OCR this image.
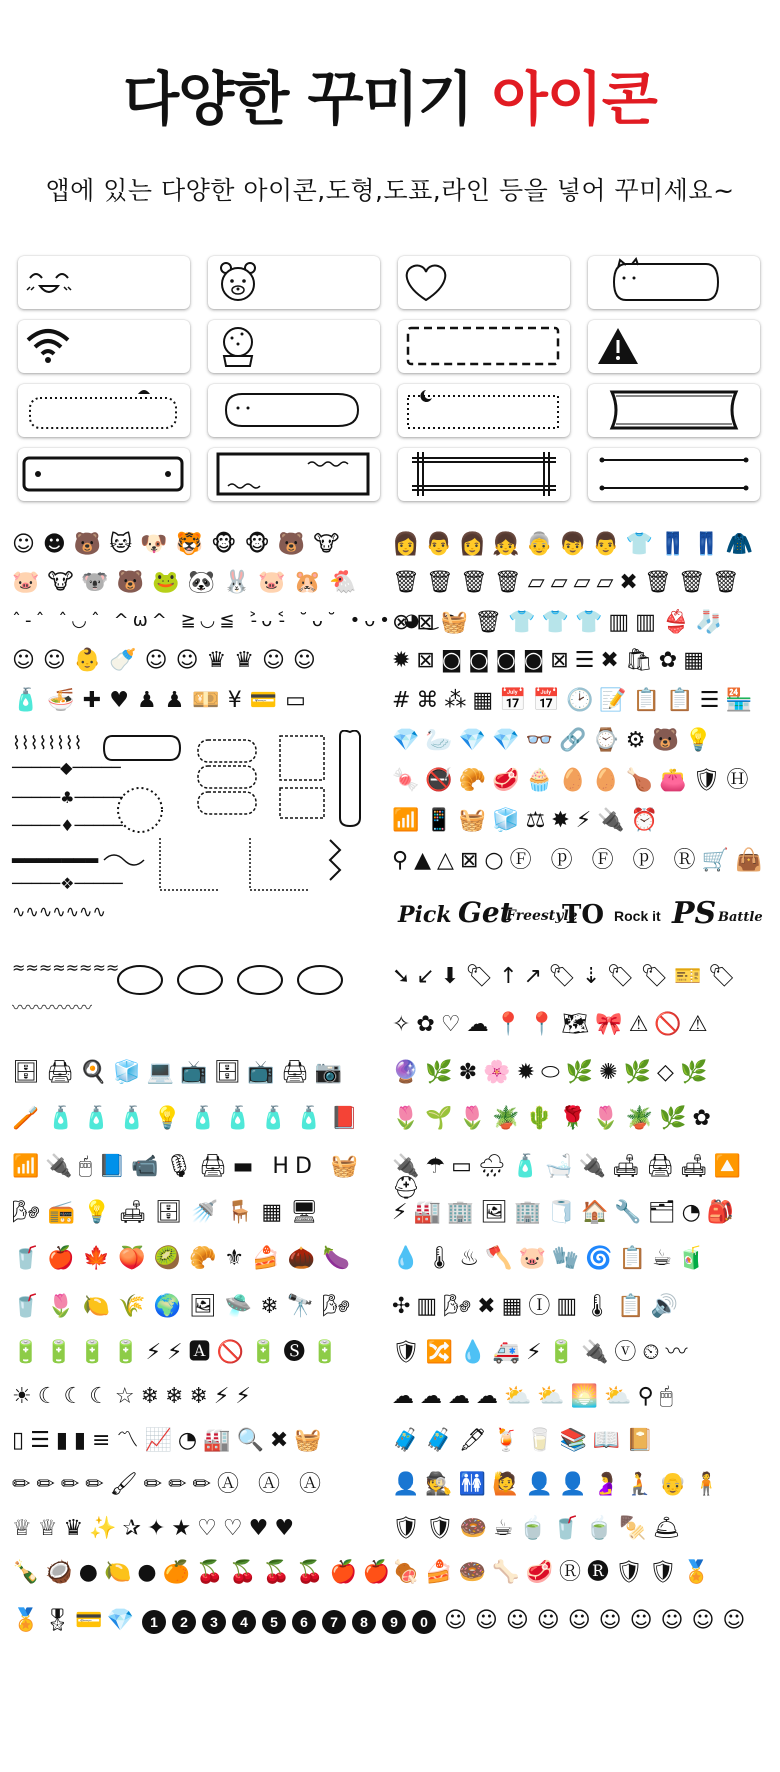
다양한 꾸미기 아이콘
앱에 있는 다양한 아이콘,도형,도표,라인 등을 넣어 꾸미세요~
☺☻🐻🐱🐶🐯🐵🐵🐻🐮
🐷🐮🐨🐻🐸🐼🐰🐷🐹🐔
ˆ-ˆ ˆ◡ˆ ^ω^ ≧◡≦ ˃̵ᴗ˂̵ ˘ᴗ˘ •ᴗ• ◕‿◕
☺☺👶🍼☺☺♛♛☺☺
🧴🍜✚♥♟♟💴¥💳▭
⌇⌇⌇⌇⌇⌇⌇⌇
─────◆─────
─────♣─────
─────♦─────
▂▂▂▂▂▂▂
─────❖─────
∿∿∿∿∿∿∿
≈≈≈≈≈≈≈≈
〰〰〰〰〰
🗄🖨🍳🧊💻📺🗄📺🖨📷
🪥🧴🧴🧴💡🧴🧴🧴🧴📕
📶🔌🖱📘📹🎙🖨▬ HD 🧺
🌬📻💡🛋🗄🚿🪑▦🖥
🥤🍎🍁🍑🥝🥐⚜🍰🌰🍆
🥤🌷🍋🌾🌍🖼🛸❄🔭🌬
🔋🔋🔋🔋⚡⚡🅰🚫🔋🅢🔋
☀☾☾☾☆❄❄❄⚡⚡
▯☰▮▮≡〽📈◔🏭🔍✖🧺
✏✏✏✏🖌✏✏✏Ⓐ Ⓐ Ⓐ
♕♕♛✨✰✦★♡♡♥♥
🍾🥥●🍋●🍊🍒🍒🍒🍒🍎🍎
🏅🎖💳💎 1	2	3	4	5	6	7	8	9	0 ☺☺☺☺☺☺☺☺☺☺
👩👨👩👧👵👦👨👕👖👖🧥
🗑🗑🗑🗑▱▱▱▱✖🗑🗑🗑
⊗⊠🧺🗑👕👕👕▥▥👙🧦
✹⊠◙◙◙◙⊠☰✖🛍✿▦
#⌘⁂▦📅📅🕑📝📋📋☰🏪
💎🦢💎💎👓🔗⌚⚙🐻💡
🍬🚭🥐🥩🧁🥚🥚🍗👛🛡Ⓗ
📶📱🧺🧊⚖✸⚡🔌⏰
⚲▲△⊠○Ⓕ ⓟ Ⓕ ⓟ Ⓡ🛒👜
Pick Get
Freestyle
TO Rock it PS Battle
➘↙⬇🏷↑↗🏷⇣🏷🏷🎫🏷
✧✿♡☁📍📍🗺🎀⚠🚫⚠
🔮🌿✽🌸✹⬭🌿✺🌿◇🌿
🌷🌱🌷🪴🌵🌹🌷🪴🌿✿
🔌☂▭🌧🧴🛁🔌🛋🖨🛋🔼⛑
⚡🏭🏢🖼🏢🧻🏠🔧🗂◔🎒
💧🌡♨🪓🐷🧤🌀📋☕🧃
✣▥🌬✖▦Ⓘ▥🌡📋🔊
🛡🔀💧🚑⚡🔋🔌ⓥ⏲〰
☁☁☁☁⛅⛅🌅⛅⚲🖱
🧳🧳🖋🍹🥛📚📖📔
👤🕵🚻🙋👤👤🤰🧎👴🧍
🛡🛡🍩☕🍵🥤🍵🍢🛎
🍖🍰🍩🦴🥩Ⓡ🅡🛡🛡🏅
